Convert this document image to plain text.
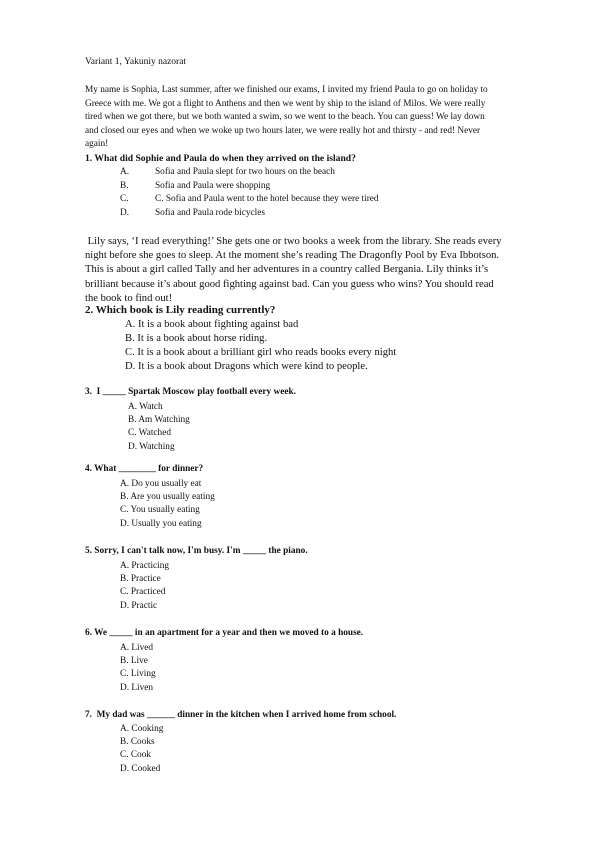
Variant 1, Yakuniy nazorat
My name is Sophia, Last summer, after we finished our exams, I invited my friend Paula to go on holiday to
Greece with me. We got a flight to Anthens and then we went by ship to the island of Milos. We were really
tired when we got there, but we both wanted a swim, so we went to the beach. You can guess! We lay down
and closed our eyes and when we woke up two hours later, we were really hot and thirsty - and red! Never
again!
1. What did Sophie and Paula do when they arrived on the island?
A.	Sofia and Paula slept for two hours on the beach
B.	Sofia and Paula were shopping
C.	C. Sofia and Paula went to the hotel because they were tired
D.	Sofia and Paula rode bicycles
Lily says, ‘I read everything!’ She gets one or two books a week from the library. She reads every
night before she goes to sleep. At the moment she’s reading The Dragonfly Pool by Eva Ibbotson.
This is about a girl called Tally and her adventures in a country called Bergania. Lily thinks it’s
brilliant because it’s about good fighting against bad. Can you guess who wins? You should read
the book to find out!
2. Which book is Lily reading currently?
A. It is a book about fighting against bad
B. It is a book about horse riding.
C. It is a book about a brilliant girl who reads books every night
D. It is a book about Dragons which were kind to people.
3.  I _____ Spartak Moscow play football every week.
A. Watch
B. Am Watching
C. Watched
D. Watching
4. What ________ for dinner?
A. Do you usually eat
B. Are you usually eating
C. You usually eating
D. Usually you eating
5. Sorry, I can't talk now, I'm busy. I'm _____ the piano.
A. Practicing
B. Practice
C. Practiced
D. Practic
6. We _____ in an apartment for a year and then we moved to a house.
A. Lived
B. Live
C. Living
D. Liven
7.  My dad was ______ dinner in the kitchen when I arrived home from school.
A. Cooking
B. Cooks
C. Cook
D. Cooked
